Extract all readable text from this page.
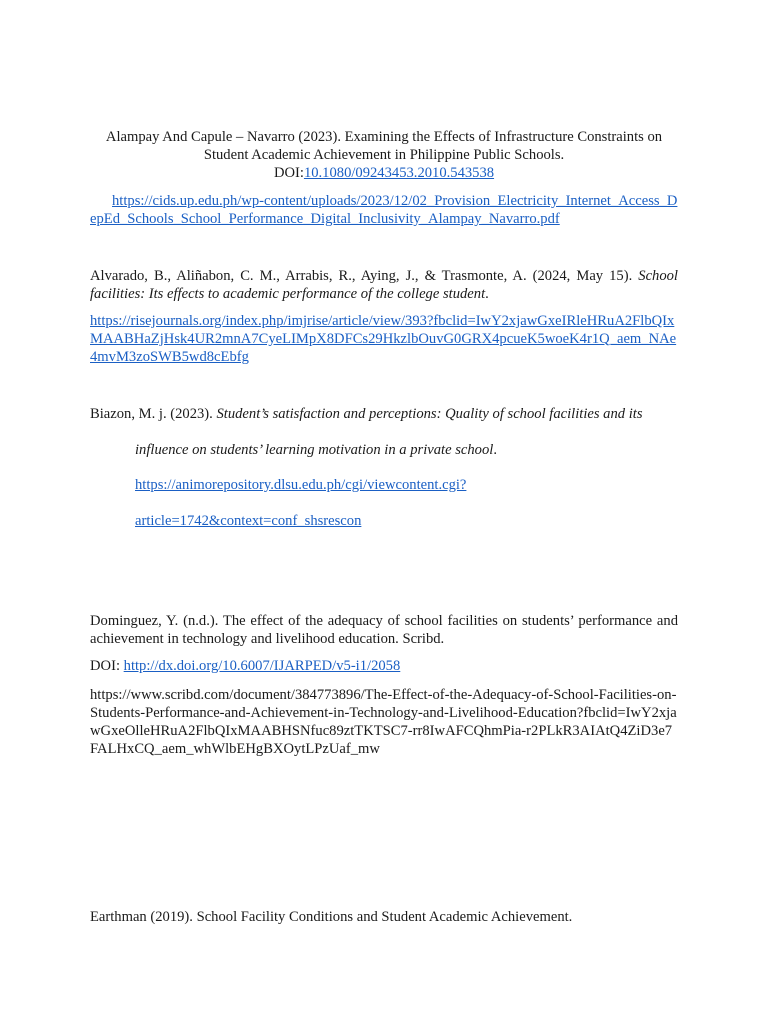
Alampay And Capule – Navarro (2023). Examining the Effects of Infrastructure Constraints on
Student Academic Achievement in Philippine Public Schools.
DOI:10.1080/09243453.2010.543538
https://cids.up.edu.ph/wp-content/uploads/2023/12/02_Provision_Electricity_Internet_Access_DepEd_Schools_School_Performance_Digital_Inclusivity_Alampay_Navarro.pdf
Alvarado, B., Aliñabon, C. M., Arrabis, R., Aying, J., & Trasmonte, A. (2024, May 15). School facilities: Its effects to academic performance of the college student.
https://risejournals.org/index.php/imjrise/article/view/393?fbclid=IwY2xjawGxeIRleHRuA2FlbQIxMAABHaZjHsk4UR2mnA7CyeLIMpX8DFCs29HkzlbOuvG0GRX4pcueK5woeK4r1Q_aem_NAe4mvM3zoSWB5wd8cEbfg
Biazon, M. j. (2023). Student’s satisfaction and perceptions: Quality of school facilities and its
influence on students’ learning motivation in a private school.
https://animorepository.dlsu.edu.ph/cgi/viewcontent.cgi?
article=1742&context=conf_shsrescon
Dominguez, Y. (n.d.). The effect of the adequacy of school facilities on students’ performance and achievement in technology and livelihood education. Scribd.
DOI: http://dx.doi.org/10.6007/IJARPED/v5-i1/2058
https://www.scribd.com/document/384773896/The-Effect-of-the-Adequacy-of-School-Facilities-on-Students-Performance-and-Achievement-in-Technology-and-Livelihood-Education?fbclid=IwY2xjawGxeOlleHRuA2FlbQIxMAABHSNfuc89ztTKTSC7-rr8IwAFCQhmPia-r2PLkR3AIAtQ4ZiD3e7FALHxCQ_aem_whWlbEHgBXOytLPzUaf_mw
Earthman (2019). School Facility Conditions and Student Academic Achievement.
